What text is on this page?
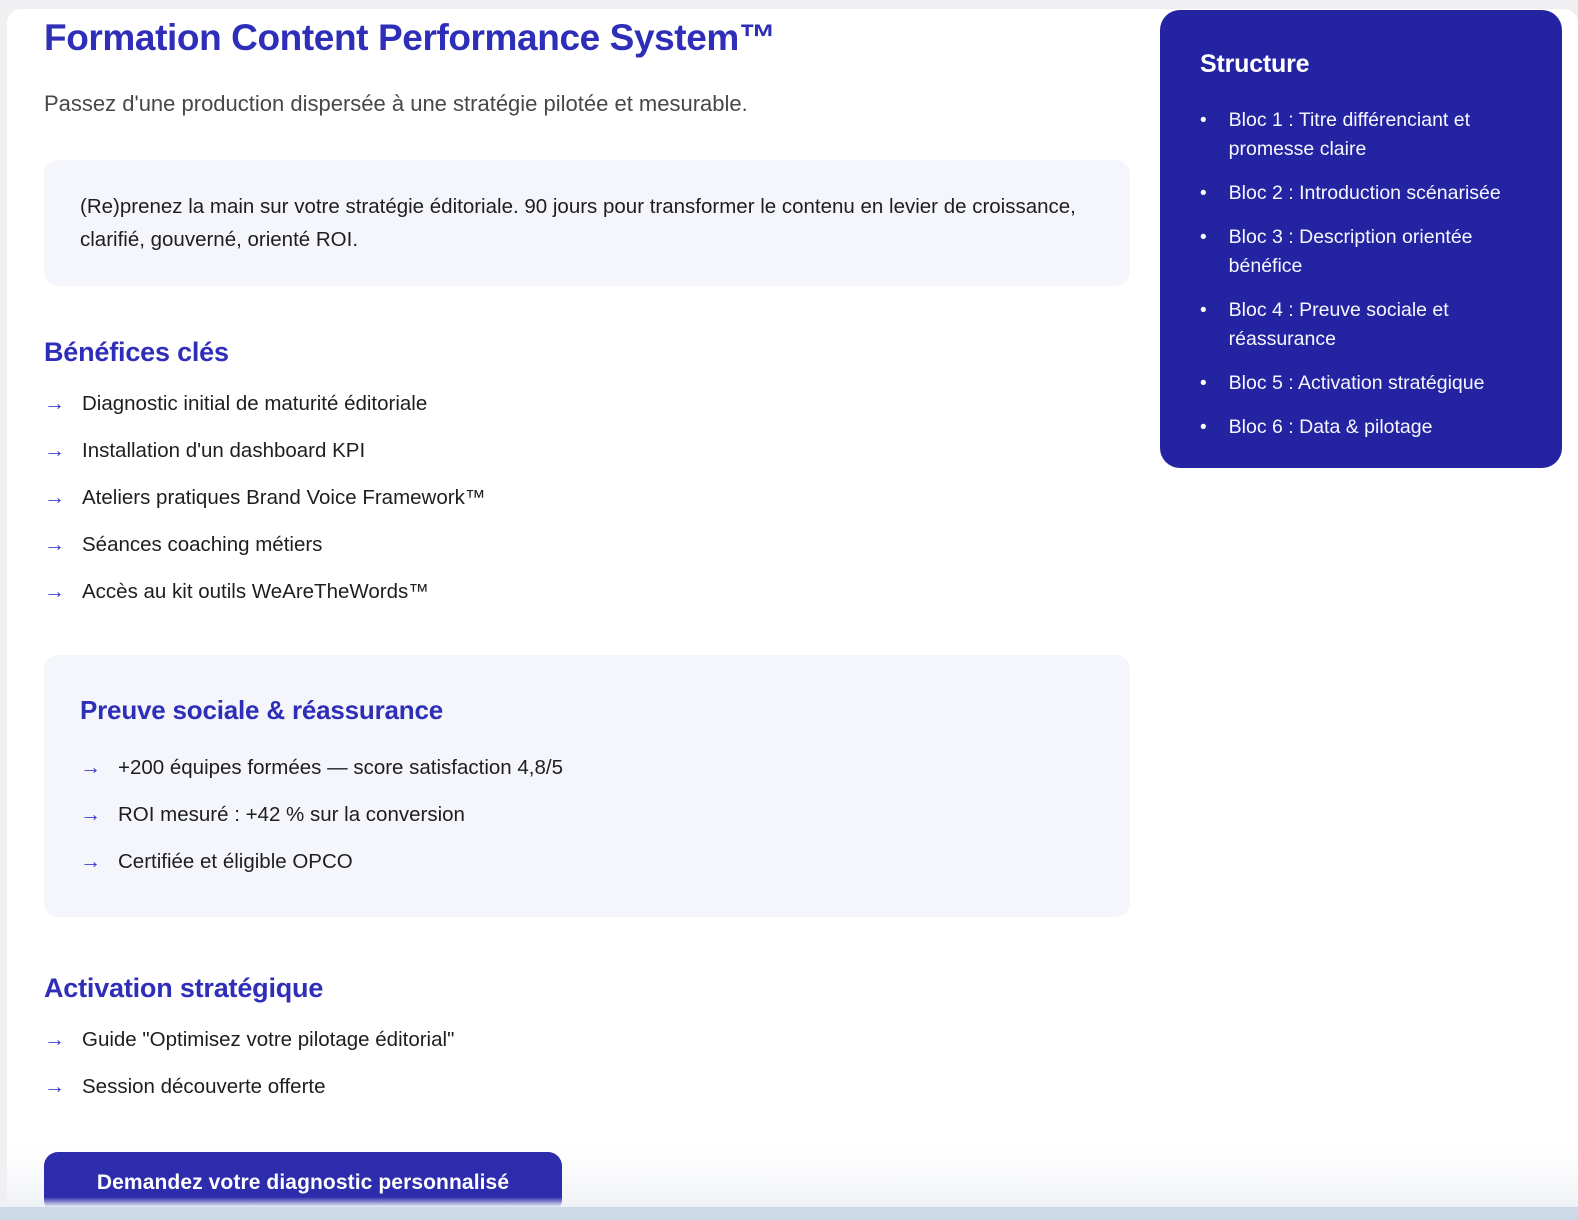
Formation Content Performance System™

Passez d'une production dispersée à une stratégie pilotée et mesurable.

(Re)prenez la main sur votre stratégie éditoriale. 90 jours pour transformer le contenu en levier de croissance, clarifié, gouverné, orienté ROI.

Bénéfices clés
→ Diagnostic initial de maturité éditoriale
→ Installation d'un dashboard KPI
→ Ateliers pratiques Brand Voice Framework™
→ Séances coaching métiers
→ Accès au kit outils WeAreTheWords™
Preuve sociale & réassurance
→ +200 équipes formées — score satisfaction 4,8/5
→ ROI mesuré : +42 % sur la conversion
→ Certifiée et éligible OPCO
Activation stratégique
→ Guide "Optimisez votre pilotage éditorial"
→ Session découverte offerte
Demandez votre diagnostic personnalisé
Structure
• Bloc 1 : Titre différenciant et promesse claire
• Bloc 2 : Introduction scénarisée
• Bloc 3 : Description orientée bénéfice
• Bloc 4 : Preuve sociale et réassurance
• Bloc 5 : Activation stratégique
• Bloc 6 : Data & pilotage
